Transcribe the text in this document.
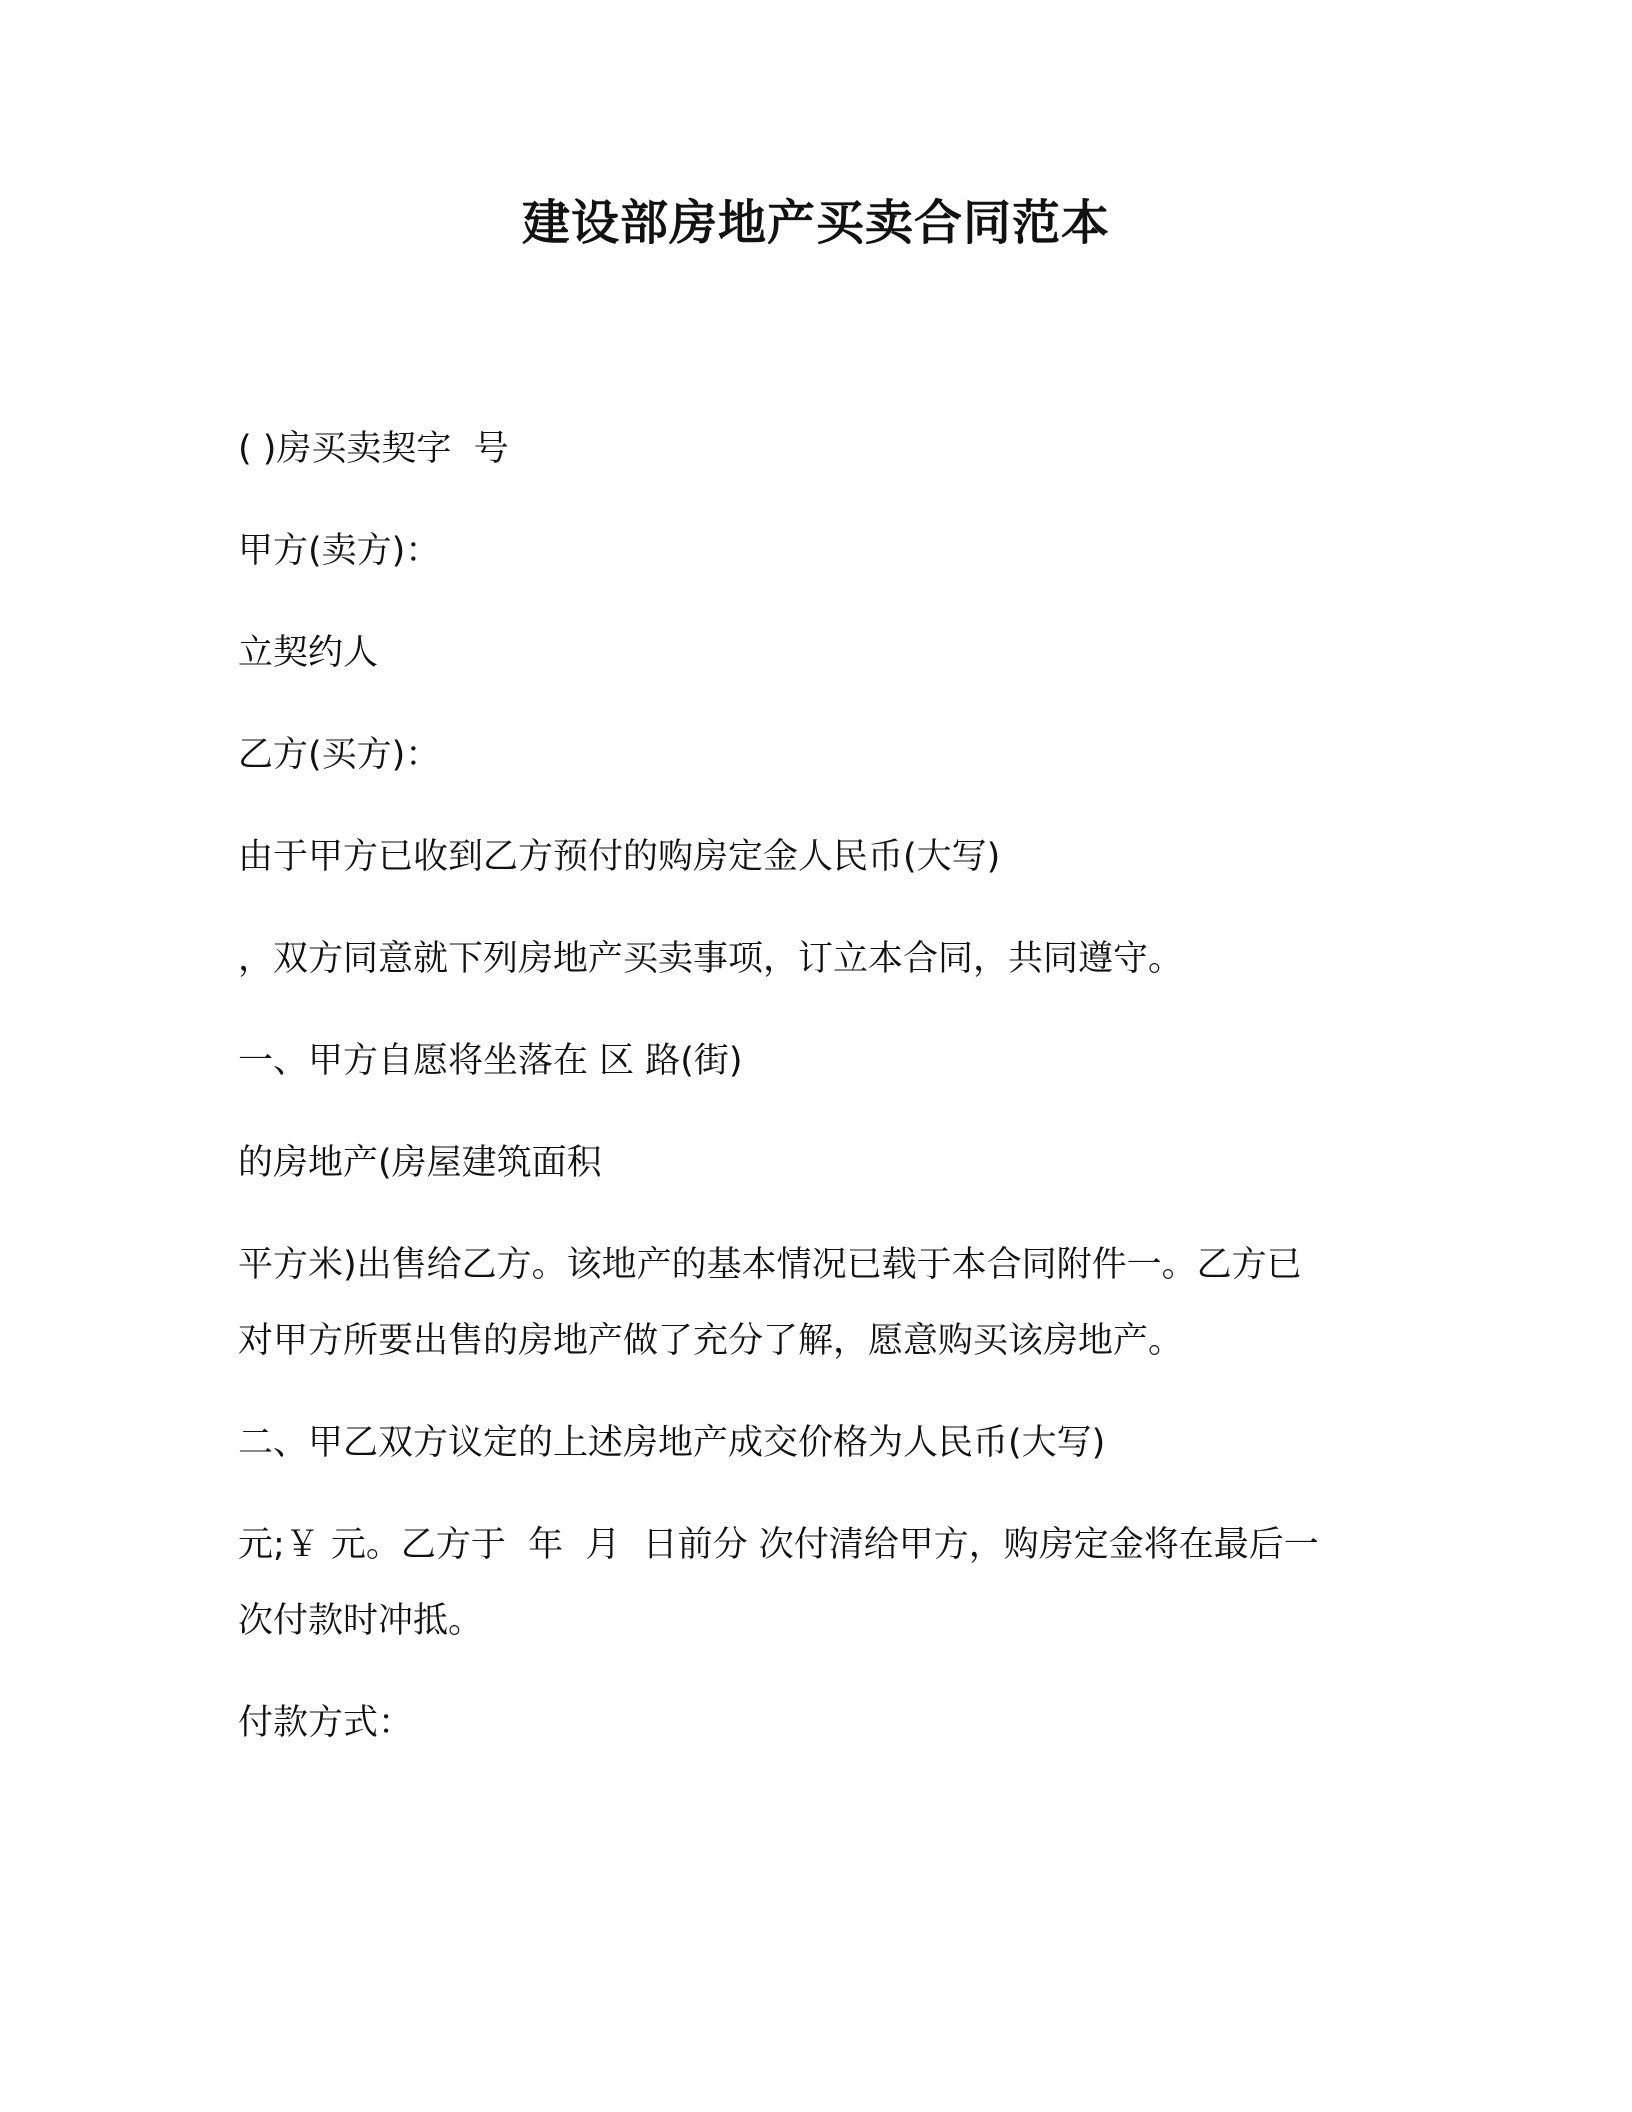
建设部房地产买卖合同范本

( )房买卖契字  号

甲方(卖方)：

立契约人

乙方(买方)：

由于甲方已收到乙方预付的购房定金人民币(大写)

，双方同意就下列房地产买卖事项，订立本合同，共同遵守。

一、甲方自愿将坐落在 区 路(街)

的房地产(房屋建筑面积

平方米)出售给乙方。该地产的基本情况已载于本合同附件一。乙方已

对甲方所要出售的房地产做了充分了解，愿意购买该房地产。

二、甲乙双方议定的上述房地产成交价格为人民币(大写)

元;￥ 元。乙方于  年  月  日前分 次付清给甲方，购房定金将在最后一

次付款时冲抵。

付款方式：
